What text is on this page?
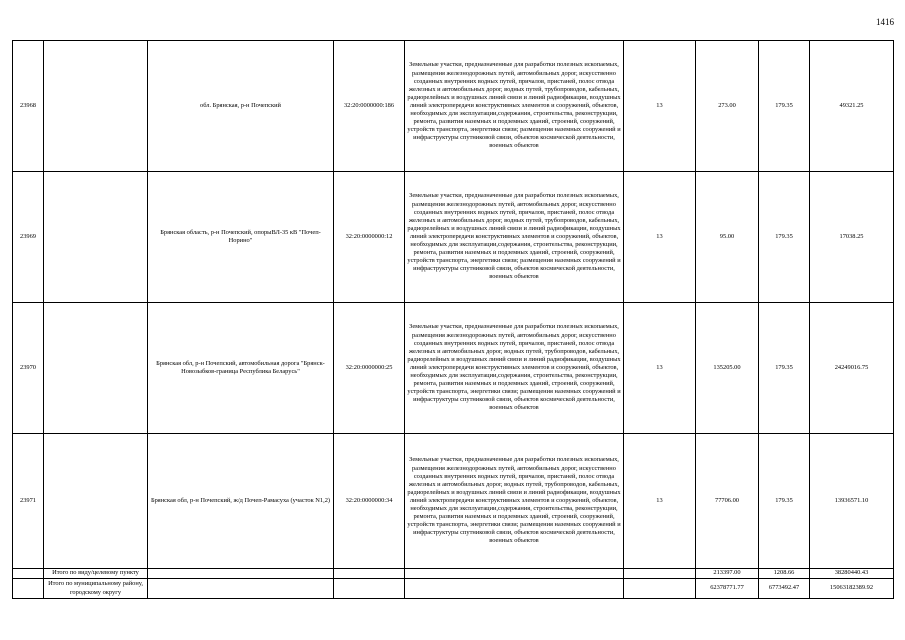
1416
23968		обл. Брянская, р-н Почепский	32:20:0000000:186	Земельные участки, предназначенные для разработки полезных ископаемых, размещения железнодорожных путей, автомобильных дорог, искусственно созданных внутренних водных путей, причалов, пристаней, полос отвода железных и автомобильных дорог, водных путей, трубопроводов, кабельных, радиорелейных и воздушных линий связи и линий радиофикации, воздушных линий электропередачи конструктивных элементов и сооружений, объектов, необходимых для эксплуатации,содержания, строительства, реконструкции, ремонта, развития наземных и подземных зданий, строений, сооружений, устройств транспорта, энергетики связи; размещения наземных сооружений и инфраструктуры спутниковой связи, объектов космической деятельности, военных объектов	13	273.00	179.35	49321.25
23969		Брянская область, р-н Почепский, опорыВЛ-35 кВ "Почеп- Норино"	32:20:0000000:12	Земельные участки, предназначенные для разработки полезных ископаемых, размещения железнодорожных путей, автомобильных дорог, искусственно созданных внутренних водных путей, причалов, пристаней, полос отвода железных и автомобильных дорог, водных путей, трубопроводов, кабельных, радиорелейных и воздушных линий связи и линий радиофикации, воздушных линий электропередачи конструктивных элементов и сооружений, объектов, необходимых для эксплуатации,содержания, строительства, реконструкции, ремонта, развития наземных и подземных зданий, строений, сооружений, устройств транспорта, энергетики связи; размещения наземных сооружений и инфраструктуры спутниковой связи, объектов космической деятельности, военных объектов	13	95.00	179.35	17038.25
23970		Брянская обл, р-н Почепский, автомобильная дорога "Брянск-Новозыбков-граница Республика Беларусь"	32:20:0000000:25	Земельные участки, предназначенные для разработки полезных ископаемых, размещения железнодорожных путей, автомобильных дорог, искусственно созданных внутренних водных путей, причалов, пристаней, полос отвода железных и автомобильных дорог, водных путей, трубопроводов, кабельных, радиорелейных и воздушных линий связи и линий радиофикации, воздушных линий электропередачи конструктивных элементов и сооружений, объектов, необходимых для эксплуатации,содержания, строительства, реконструкции, ремонта, развития наземных и подземных зданий, строений, сооружений, устройств транспорта, энергетики связи; размещения наземных сооружений и инфраструктуры спутниковой связи, объектов космической деятельности, военных объектов	13	135205.00	179.35	24249016.75
23971		Брянская обл, р-н Почепский, ж/д Почеп-Рамасуха (участок N1,2)	32:20:0000000:34	Земельные участки, предназначенные для разработки полезных ископаемых, размещения железнодорожных путей, автомобильных дорог, искусственно созданных внутренних водных путей, причалов, пристаней, полос отвода железных и автомобильных дорог, водных путей, трубопроводов, кабельных, радиорелейных и воздушных линий связи и линий радиофикации, воздушных линий электропередачи конструктивных элементов и сооружений, объектов, необходимых для эксплуатации,содержания, строительства, реконструкции, ремонта, развития наземных и подземных зданий, строений, сооружений, устройств транспорта, энергетики связи; размещения наземных сооружений и инфраструктуры спутниковой связи, объектов космической деятельности, военных объектов	13	77706.00	179.35	13936571.10
	Итого по виду/целевому пункту					213397.00	1208.66	38280440.43
	Итого по муниципальному району, городскому округу					62378771.77	6773492.47	15063182389.92
